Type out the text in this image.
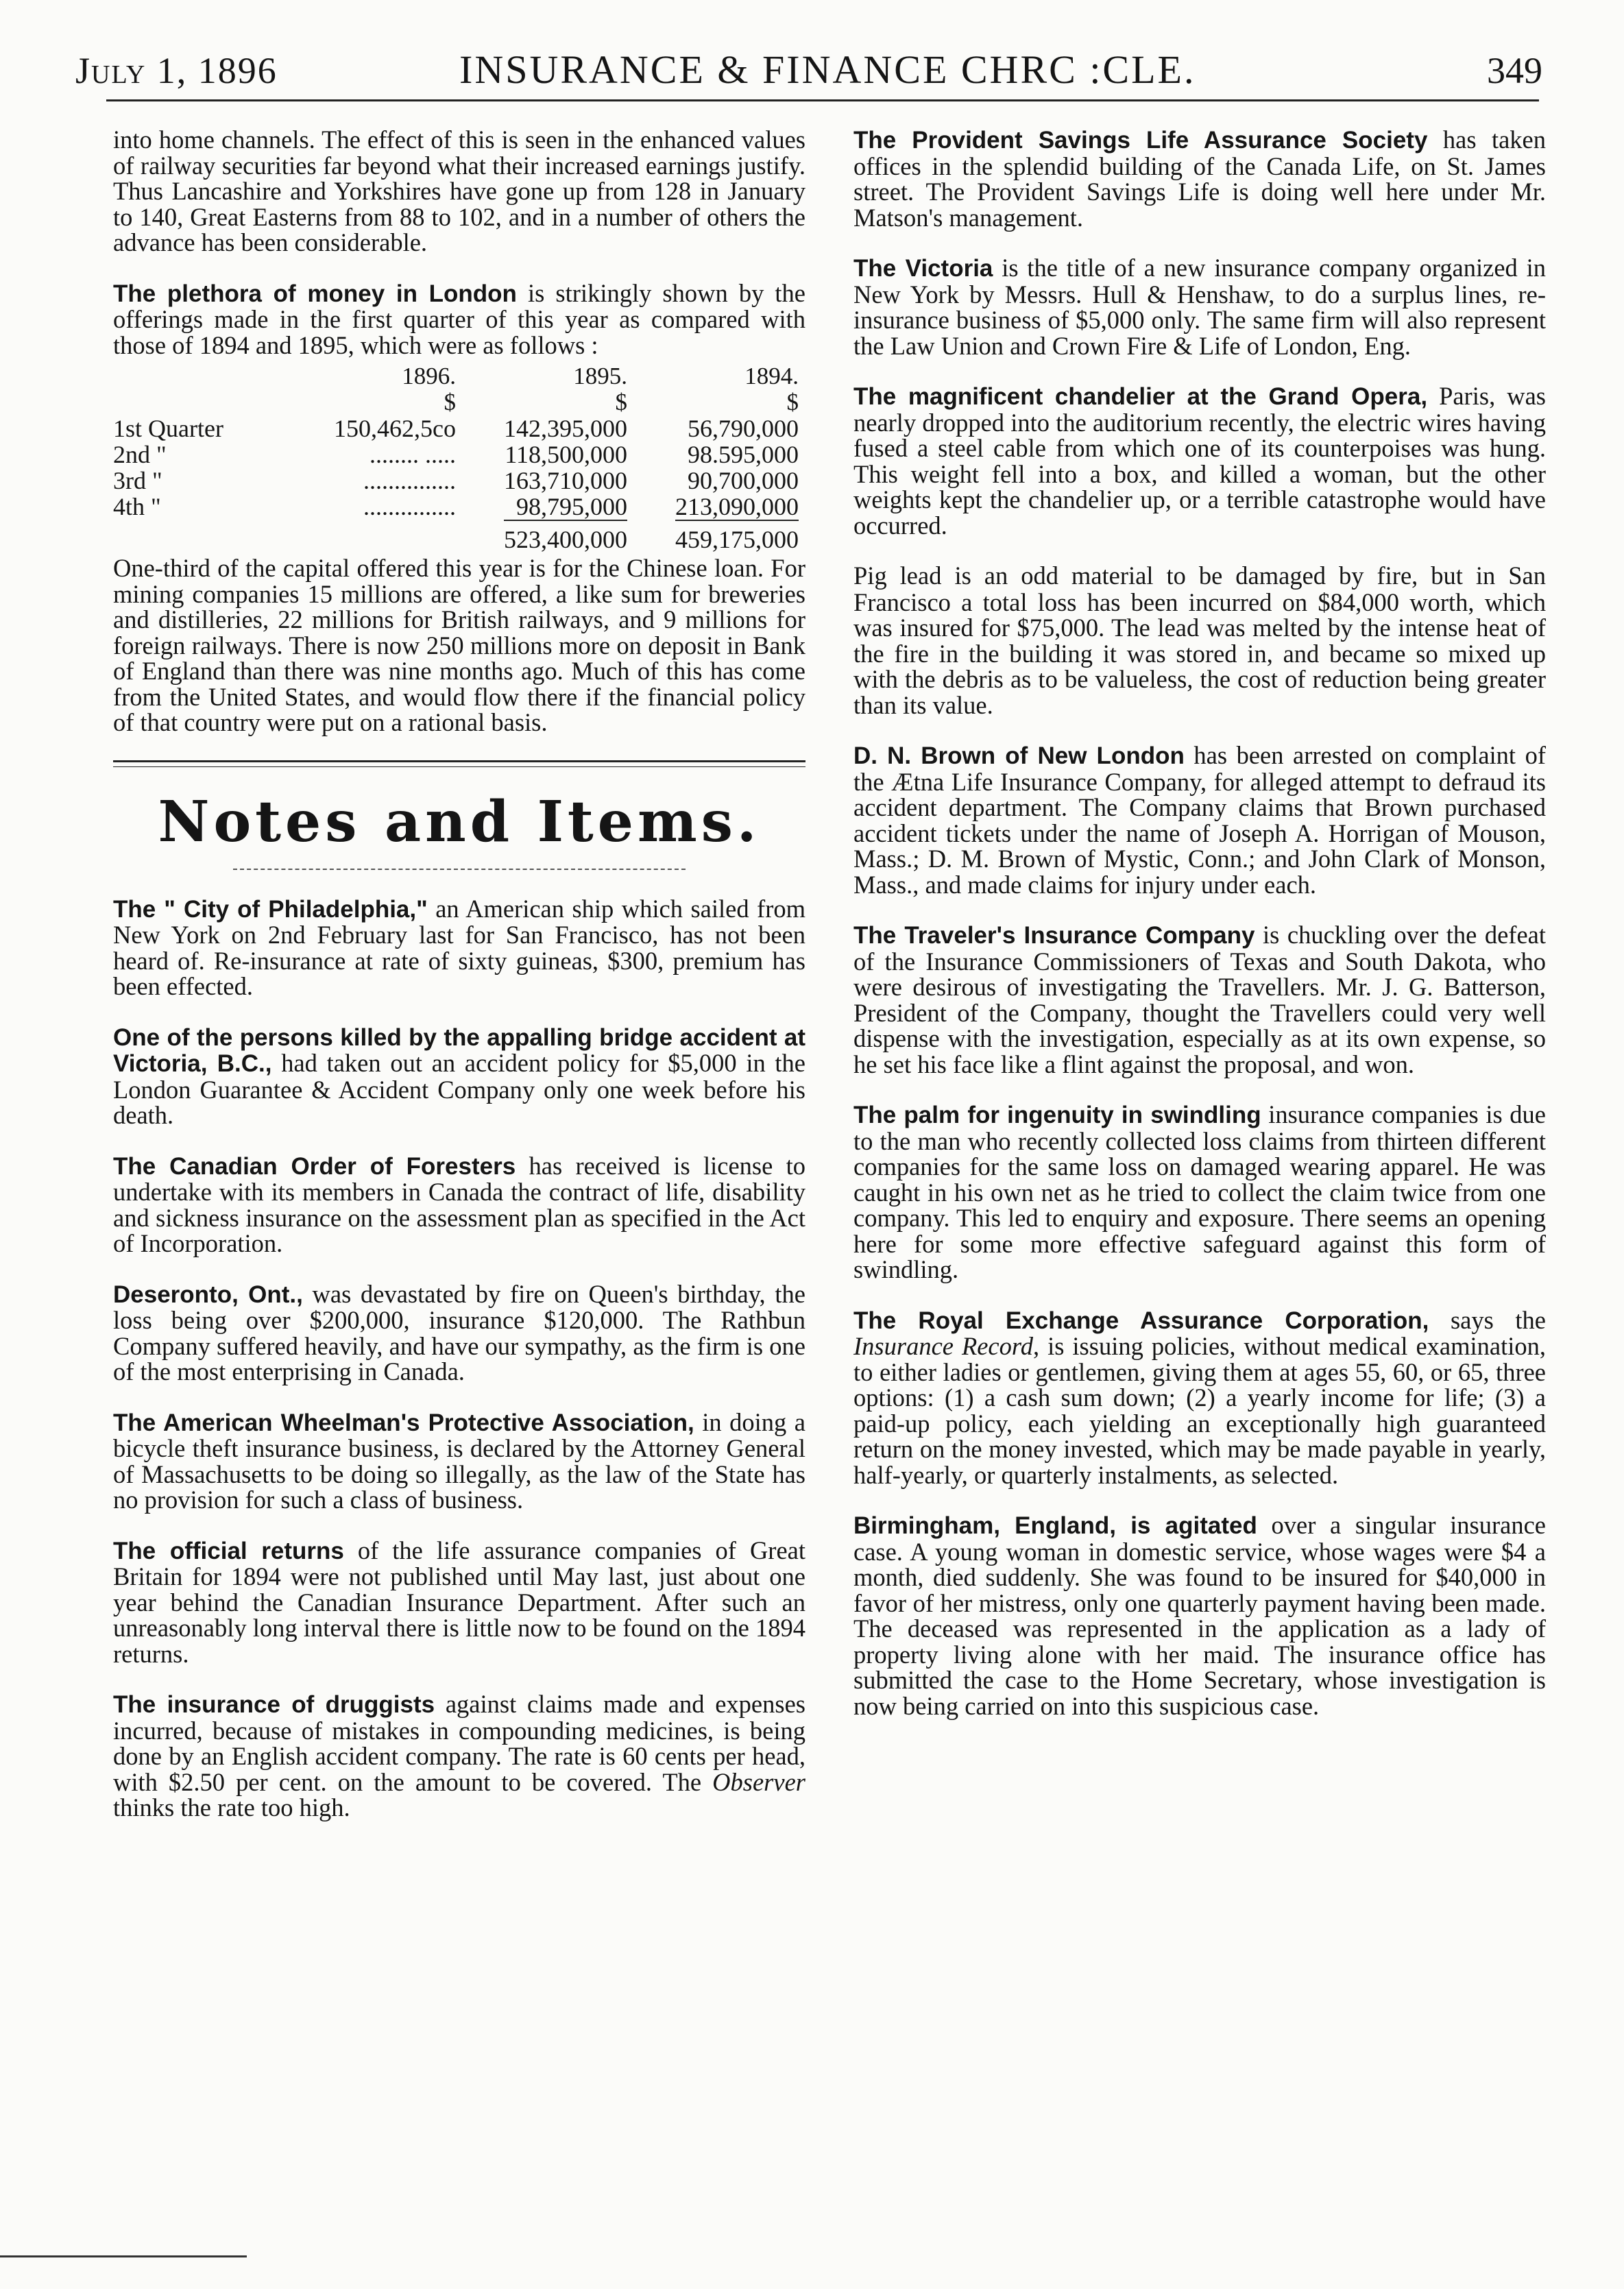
July 1, 1896	INSURANCE & FINANCE CHRC :CLE.	349

into home channels. The effect of this is seen in the enhanced values of railway securities far beyond what their increased earnings justify. Thus Lancashire and Yorkshires have gone up from 128 in January to 140, Great Easterns from 88 to 102, and in a number of others the advance has been considerable.

The plethora of money in London is strikingly shown by the offerings made in the first quarter of this year as compared with those of 1894 and 1895, which were as follows :

	1896.	1895.	1894.
	$	$	$
1st Quarter	150,462,5co	142,395,000	56,790,000
2nd "	........ .....	118,500,000	98.595,000
3rd "	...............	163,710,000	90,700,000
4th "	...............	98,795,000	213,090,000
		523,400,000	459,175,000

One-third of the capital offered this year is for the Chinese loan. For mining companies 15 millions are offered, a like sum for breweries and distilleries, 22 millions for British railways, and 9 millions for foreign railways. There is now 250 millions more on deposit in Bank of England than there was nine months ago. Much of this has come from the United States, and would flow there if the financial policy of that country were put on a rational basis.

Notes and Items.

The " City of Philadelphia," an American ship which sailed from New York on 2nd February last for San Francisco, has not been heard of. Re-insurance at rate of sixty guineas, $300, premium has been effected.

One of the persons killed by the appalling bridge accident at Victoria, B.C., had taken out an accident policy for $5,000 in the London Guarantee & Accident Company only one week before his death.

The Canadian Order of Foresters has received is license to undertake with its members in Canada the contract of life, disability and sickness insurance on the assessment plan as specified in the Act of Incorporation.

Deseronto, Ont., was devastated by fire on Queen's birthday, the loss being over $200,000, insurance $120,000. The Rathbun Company suffered heavily, and have our sympathy, as the firm is one of the most enterprising in Canada.

The American Wheelman's Protective Association, in doing a bicycle theft insurance business, is declared by the Attorney General of Massachusetts to be doing so illegally, as the law of the State has no provision for such a class of business.

The official returns of the life assurance companies of Great Britain for 1894 were not published until May last, just about one year behind the Canadian Insurance Department. After such an unreasonably long interval there is little now to be found on the 1894 returns.

The insurance of druggists against claims made and expenses incurred, because of mistakes in compounding medicines, is being done by an English accident company. The rate is 60 cents per head, with $2.50 per cent. on the amount to be covered. The Observer thinks the rate too high.

The Provident Savings Life Assurance Society has taken offices in the splendid building of the Canada Life, on St. James street. The Provident Savings Life is doing well here under Mr. Matson's management.

The Victoria is the title of a new insurance company organized in New York by Messrs. Hull & Henshaw, to do a surplus lines, re-insurance business of $5,000 only. The same firm will also represent the Law Union and Crown Fire & Life of London, Eng.

The magnificent chandelier at the Grand Opera, Paris, was nearly dropped into the auditorium recently, the electric wires having fused a steel cable from which one of its counterpoises was hung. This weight fell into a box, and killed a woman, but the other weights kept the chandelier up, or a terrible catastrophe would have occurred.

Pig lead is an odd material to be damaged by fire, but in San Francisco a total loss has been incurred on $84,000 worth, which was insured for $75,000. The lead was melted by the intense heat of the fire in the building it was stored in, and became so mixed up with the debris as to be valueless, the cost of reduction being greater than its value.

D. N. Brown of New London has been arrested on complaint of the Ætna Life Insurance Company, for alleged attempt to defraud its accident department. The Company claims that Brown purchased accident tickets under the name of Joseph A. Horrigan of Mouson, Mass.; D. M. Brown of Mystic, Conn.; and John Clark of Monson, Mass., and made claims for injury under each.

The Traveler's Insurance Company is chuckling over the defeat of the Insurance Commissioners of Texas and South Dakota, who were desirous of investigating the Travellers. Mr. J. G. Batterson, President of the Company, thought the Travellers could very well dispense with the investigation, especially as at its own expense, so he set his face like a flint against the proposal, and won.

The palm for ingenuity in swindling insurance companies is due to the man who recently collected loss claims from thirteen different companies for the same loss on damaged wearing apparel. He was caught in his own net as he tried to collect the claim twice from one company. This led to enquiry and exposure. There seems an opening here for some more effective safeguard against this form of swindling.

The Royal Exchange Assurance Corporation, says the Insurance Record, is issuing policies, without medical examination, to either ladies or gentlemen, giving them at ages 55, 60, or 65, three options: (1) a cash sum down; (2) a yearly income for life; (3) a paid-up policy, each yielding an exceptionally high guaranteed return on the money invested, which may be made payable in yearly, half-yearly, or quarterly instalments, as selected.

Birmingham, England, is agitated over a singular insurance case. A young woman in domestic service, whose wages were $4 a month, died suddenly. She was found to be insured for $40,000 in favor of her mistress, only one quarterly payment having been made. The deceased was represented in the application as a lady of property living alone with her maid. The insurance office has submitted the case to the Home Secretary, whose investigation is now being carried on into this suspicious case.
